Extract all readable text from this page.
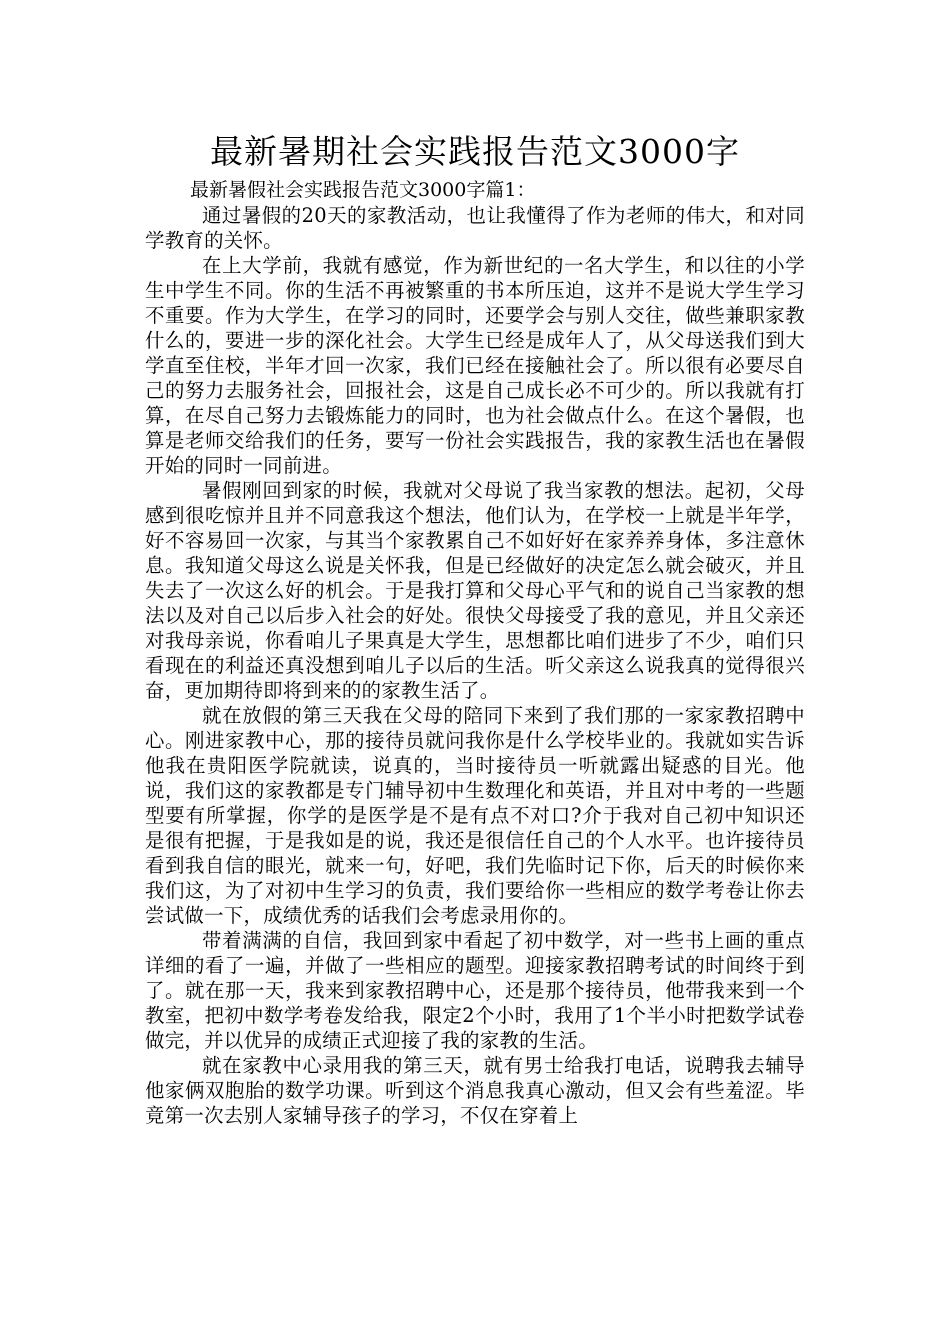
最新暑期社会实践报告范文3000字

最新暑假社会实践报告范文3000字篇1：

通过暑假的20天的家教活动，也让我懂得了作为老师的伟大，和对同学教育的关怀。

在上大学前，我就有感觉，作为新世纪的一名大学生，和以往的小学生中学生不同。你的生活不再被繁重的书本所压迫，这并不是说大学生学习不重要。作为大学生，在学习的同时，还要学会与别人交往，做些兼职家教什么的，要进一步的深化社会。大学生已经是成年人了，从父母送我们到大学直至住校，半年才回一次家，我们已经在接触社会了。所以很有必要尽自己的努力去服务社会，回报社会，这是自己成长必不可少的。所以我就有打算，在尽自己努力去锻炼能力的同时，也为社会做点什么。在这个暑假，也算是老师交给我们的任务，要写一份社会实践报告，我的家教生活也在暑假开始的同时一同前进。

暑假刚回到家的时候，我就对父母说了我当家教的想法。起初，父母感到很吃惊并且并不同意我这个想法，他们认为，在学校一上就是半年学，好不容易回一次家，与其当个家教累自己不如好好在家养养身体，多注意休息。我知道父母这么说是关怀我，但是已经做好的决定怎么就会破灭，并且失去了一次这么好的机会。于是我打算和父母心平气和的说自己当家教的想法以及对自己以后步入社会的好处。很快父母接受了我的意见，并且父亲还对我母亲说，你看咱儿子果真是大学生，思想都比咱们进步了不少，咱们只看现在的利益还真没想到咱儿子以后的生活。听父亲这么说我真的觉得很兴奋，更加期待即将到来的的家教生活了。

就在放假的第三天我在父母的陪同下来到了我们那的一家家教招聘中心。刚进家教中心，那的接待员就问我你是什么学校毕业的。我就如实告诉他我在贵阳医学院就读，说真的，当时接待员一听就露出疑惑的目光。他说，我们这的家教都是专门辅导初中生数理化和英语，并且对中考的一些题型要有所掌握，你学的是医学是不是有点不对口?介于我对自己初中知识还是很有把握，于是我如是的说，我还是很信任自己的个人水平。也许接待员看到我自信的眼光，就来一句，好吧，我们先临时记下你，后天的时候你来我们这，为了对初中生学习的负责，我们要给你一些相应的数学考卷让你去尝试做一下，成绩优秀的话我们会考虑录用你的。

带着满满的自信，我回到家中看起了初中数学，对一些书上画的重点详细的看了一遍，并做了一些相应的题型。迎接家教招聘考试的时间终于到了。就在那一天，我来到家教招聘中心，还是那个接待员，他带我来到一个教室，把初中数学考卷发给我，限定2个小时，我用了1个半小时把数学试卷做完，并以优异的成绩正式迎接了我的家教的生活。

就在家教中心录用我的第三天，就有男士给我打电话，说聘我去辅导他家俩双胞胎的数学功课。听到这个消息我真心激动，但又会有些羞涩。毕竟第一次去别人家辅导孩子的学习，不仅在穿着上
